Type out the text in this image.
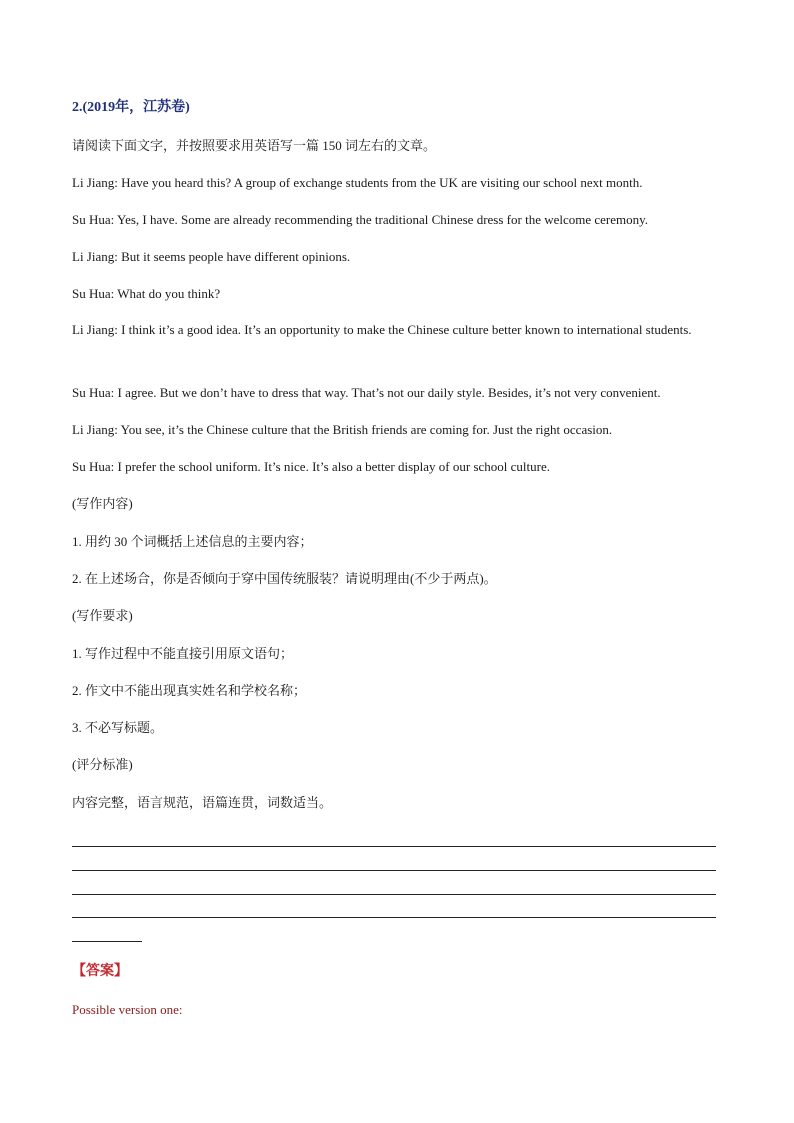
2.(2019年，江苏卷)
请阅读下面文字，并按照要求用英语写一篇 150 词左右的文章。
Li Jiang: Have you heard this? A group of exchange students from the UK are visiting our school next month.
Su Hua: Yes, I have. Some are already recommending the traditional Chinese dress for the welcome ceremony.
Li Jiang: But it seems people have different opinions.
Su Hua: What do you think?
Li Jiang: I think it’s a good idea. It’s an opportunity to make the Chinese culture better known to international students.
Su Hua: I agree. But we don’t have to dress that way. That’s not our daily style. Besides, it’s not very convenient.
Li Jiang: You see, it’s the Chinese culture that the British friends are coming for. Just the right occasion.
Su Hua: I prefer the school uniform. It’s nice. It’s also a better display of our school culture.
(写作内容)
1. 用约 30 个词概括上述信息的主要内容；
2. 在上述场合，你是否倾向于穿中国传统服装？请说明理由(不少于两点)。
(写作要求)
1. 写作过程中不能直接引用原文语句；
2. 作文中不能出现真实姓名和学校名称；
3. 不必写标题。
(评分标准)
内容完整，语言规范，语篇连贯，词数适当。
【答案】
Possible version one:
